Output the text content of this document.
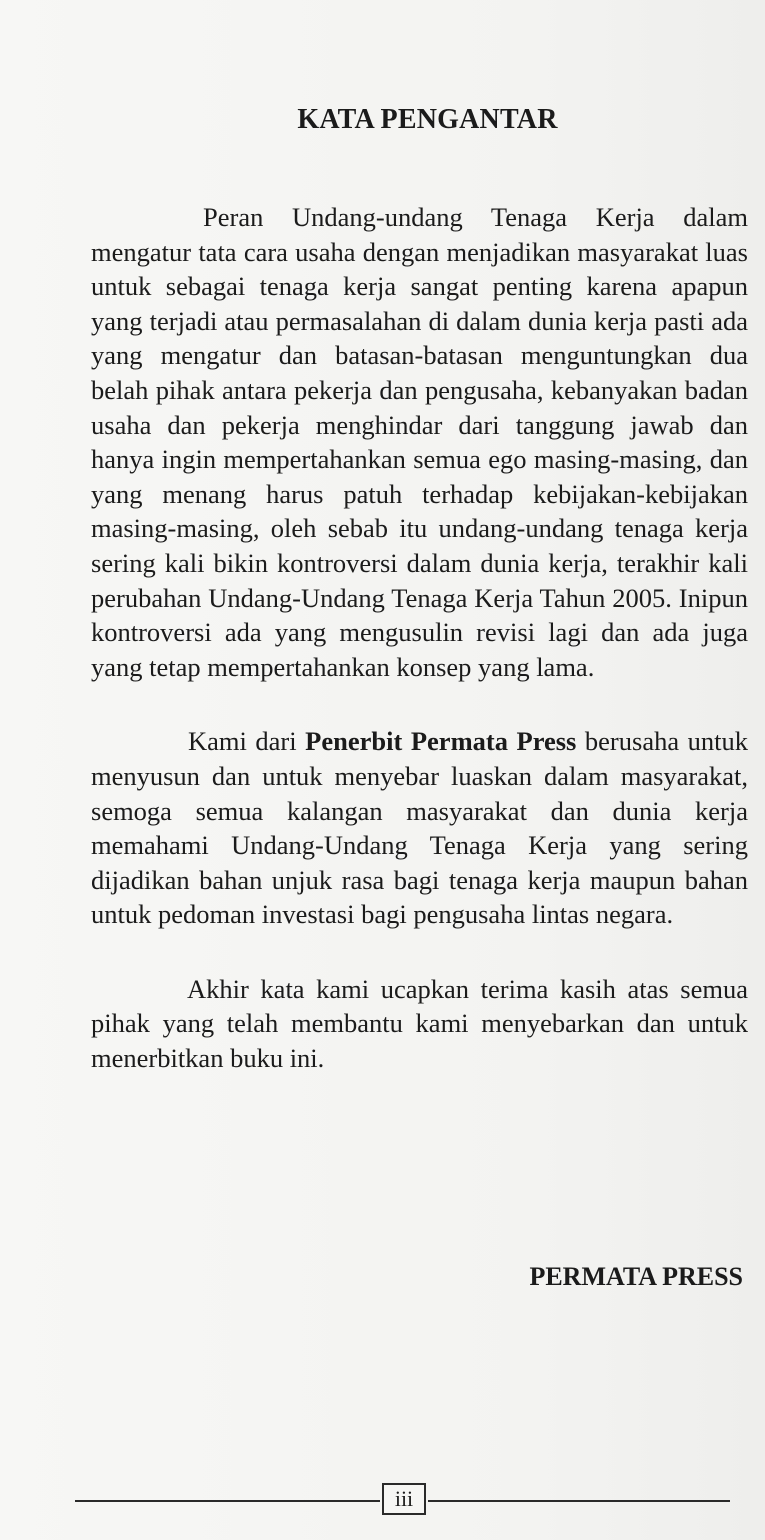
KATA PENGANTAR

Peran Undang-undang Tenaga Kerja dalam mengatur tata cara usaha dengan menjadikan masyarakat luas untuk sebagai tenaga kerja sangat penting karena apapun yang terjadi atau permasalahan di dalam dunia kerja pasti ada yang mengatur dan batasan-batasan menguntungkan dua belah pihak antara pekerja dan pengusaha, kebanyakan badan usaha dan pekerja menghindar dari tanggung jawab dan hanya ingin mempertahankan semua ego masing-masing, dan yang menang harus patuh terhadap kebijakan-kebijakan masing-masing, oleh sebab itu undang-undang tenaga kerja sering kali bikin kontroversi dalam dunia kerja, terakhir kali perubahan Undang-Undang Tenaga Kerja Tahun 2005. Inipun kontroversi ada yang mengusulin revisi lagi dan ada juga yang tetap mempertahankan konsep yang lama.

Kami dari Penerbit Permata Press berusaha untuk menyusun dan untuk menyebar luaskan dalam masyarakat, semoga semua kalangan masyarakat dan dunia kerja memahami Undang-Undang Tenaga Kerja yang sering dijadikan bahan unjuk rasa bagi tenaga kerja maupun bahan untuk pedoman investasi bagi pengusaha lintas negara.

Akhir kata kami ucapkan terima kasih atas semua pihak yang telah membantu kami menyebarkan dan untuk menerbitkan buku ini.

PERMATA PRESS
iii
